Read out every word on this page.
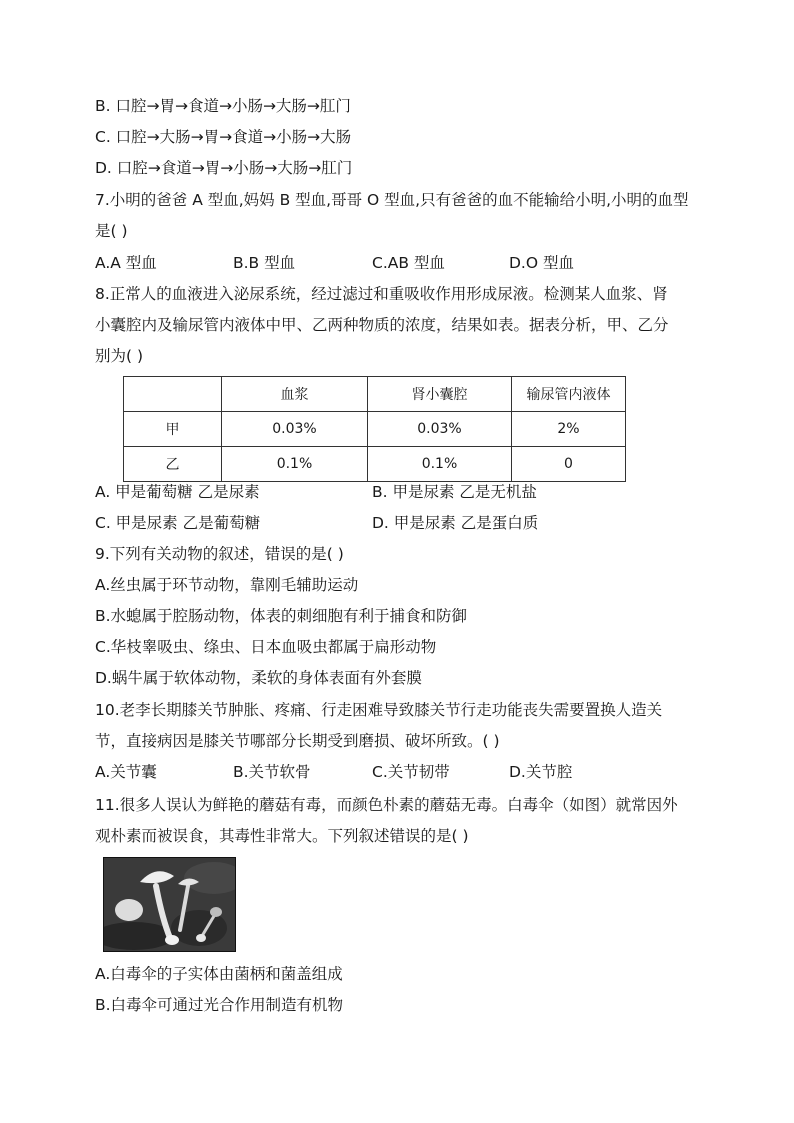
B. 口腔→胃→食道→小肠→大肠→肛门

C. 口腔→大肠→胃→食道→小肠→大肠

D. 口腔→食道→胃→小肠→大肠→肛门

7.小明的爸爸 A 型血,妈妈 B 型血,哥哥 O 型血,只有爸爸的血不能输给小明,小明的血型

是( )

A.A 型血	B.B 型血	C.AB 型血	D.O 型血

8.正常人的血液进入泌尿系统，经过滤过和重吸收作用形成尿液。检测某人血浆、肾

小囊腔内及输尿管内液体中甲、乙两种物质的浓度，结果如表。据表分析，甲、乙分

别为( )

	血浆	肾小囊腔	输尿管内液体
甲	0.03%	0.03%	2%
乙	0.1%	0.1%	0
A. 甲是葡萄糖 乙是尿素	B. 甲是尿素 乙是无机盐
C. 甲是尿素 乙是葡萄糖	D. 甲是尿素 乙是蛋白质

9.下列有关动物的叙述，错误的是( )

A.丝虫属于环节动物，靠刚毛辅助运动

B.水螅属于腔肠动物，体表的刺细胞有利于捕食和防御

C.华枝睾吸虫、绦虫、日本血吸虫都属于扁形动物

D.蜗牛属于软体动物，柔软的身体表面有外套膜

10.老李长期膝关节肿胀、疼痛、行走困难导致膝关节行走功能丧失需要置换人造关

节，直接病因是膝关节哪部分长期受到磨损、破坏所致。( )

A.关节囊	B.关节软骨	C.关节韧带	D.关节腔

11.很多人误认为鲜艳的蘑菇有毒，而颜色朴素的蘑菇无毒。白毒伞（如图）就常因外

观朴素而被误食，其毒性非常大。下列叙述错误的是( )

A.白毒伞的子实体由菌柄和菌盖组成

B.白毒伞可通过光合作用制造有机物
